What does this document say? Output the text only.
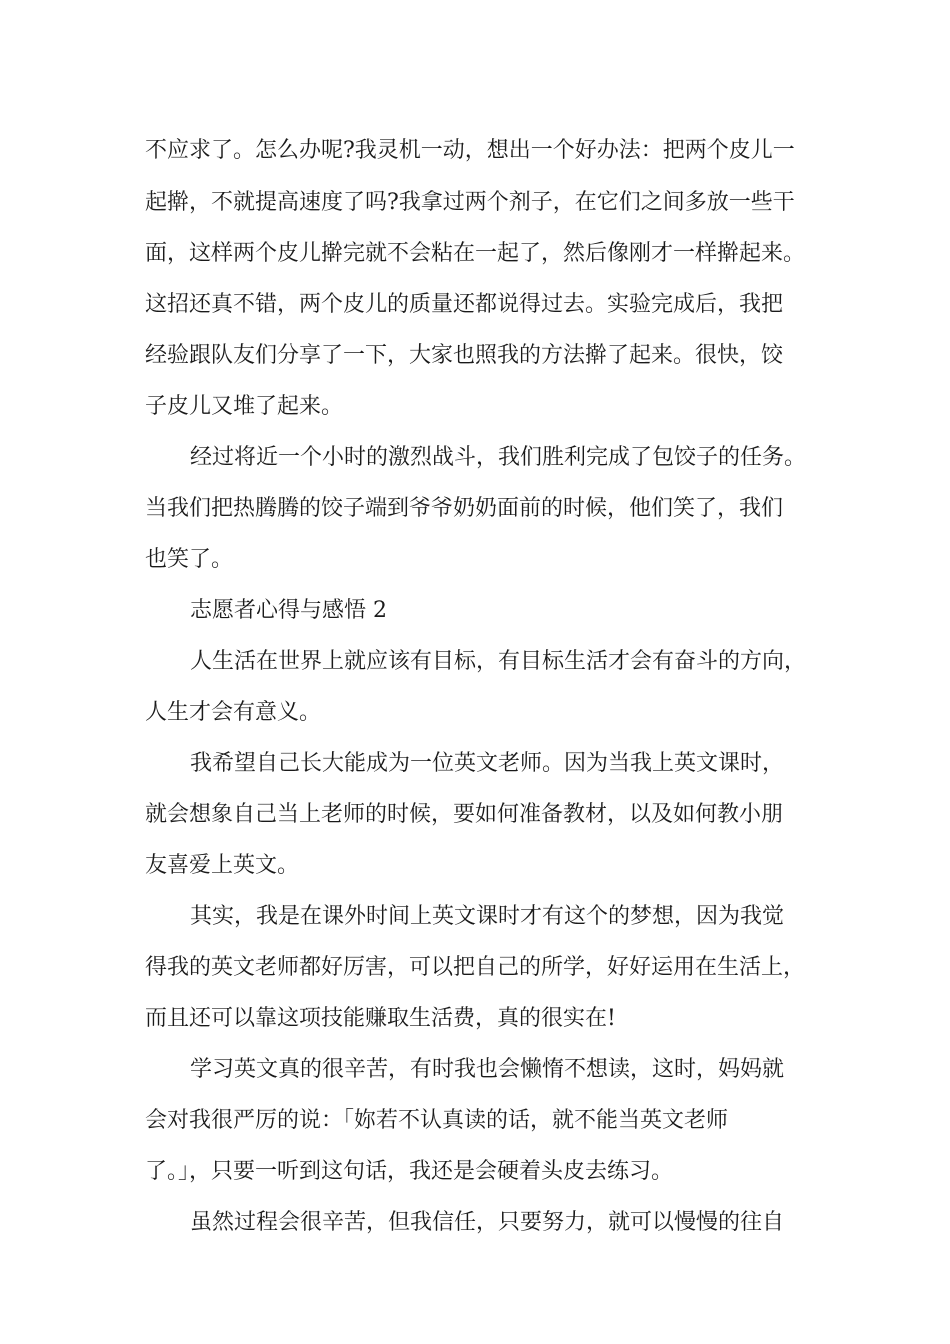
不应求了。怎么办呢?我灵机一动，想出一个好办法：把两个皮儿一
起擀，不就提高速度了吗?我拿过两个剂子，在它们之间多放一些干
面，这样两个皮儿擀完就不会粘在一起了，然后像刚才一样擀起来。
这招还真不错，两个皮儿的质量还都说得过去。实验完成后，我把
经验跟队友们分享了一下，大家也照我的方法擀了起来。很快，饺
子皮儿又堆了起来。
经过将近一个小时的激烈战斗，我们胜利完成了包饺子的任务。
当我们把热腾腾的饺子端到爷爷奶奶面前的时候，他们笑了，我们
也笑了。
志愿者心得与感悟 2
人生活在世界上就应该有目标，有目标生活才会有奋斗的方向，
人生才会有意义。
我希望自己长大能成为一位英文老师。因为当我上英文课时，
就会想象自己当上老师的时候，要如何准备教材，以及如何教小朋
友喜爱上英文。
其实，我是在课外时间上英文课时才有这个的梦想，因为我觉
得我的英文老师都好厉害，可以把自己的所学，好好运用在生活上，
而且还可以靠这项技能赚取生活费，真的很实在!
学习英文真的很辛苦，有时我也会懒惰不想读，这时，妈妈就
会对我很严厉的说：「妳若不认真读的话，就不能当英文老师
了。」，只要一听到这句话，我还是会硬着头皮去练习。
虽然过程会很辛苦，但我信任，只要努力，就可以慢慢的往自
